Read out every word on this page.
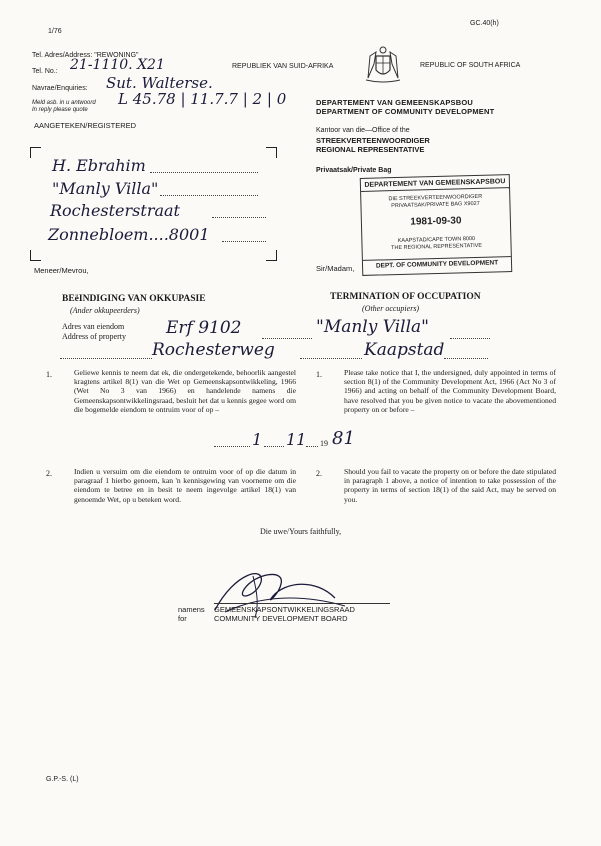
1/76
GC.40(h)
Tel. Adres/Address: "REWONING"
Tel. No.: 21-1110. X21
Navrae/Enquiries: Sut. Walterse.
Meld asb. in u antwoord
In reply please quote
L 45.78 | 11.7.7 | 2 | 0
AANGETEKEN/REGISTERED
REPUBLIEK VAN SUID-AFRIKA	REPUBLIC OF SOUTH AFRICA
DEPARTEMENT VAN GEMEENSKAPSBOU
DEPARTMENT OF COMMUNITY DEVELOPMENT
Kantoor van die—Office of the
STREEKVERTEENWOORDIGER
REGIONAL REPRESENTATIVE
Privaatsak/Private Bag
H. Ebrahim
"Manly Villa"
Rochesterstraat
Zonnebloem....8001
DEPARTEMENT VAN GEMEENSKAPSBOU
DIE STREEKVERTEENWOORDIGER
PRIVAATSAK/PRIVATE BAG X9027
1981-09-30
KAAPSTAD/CAPE TOWN 8000
THE REGIONAL REPRESENTATIVE
DEPT. OF COMMUNITY DEVELOPMENT
Meneer/Mevrou,	Sir/Madam,
BEëINDIGING VAN OKKUPASIE
(Ander okkupeerders)
TERMINATION OF OCCUPATION
(Other occupiers)
Adres van eiendom
Address of property Erf 9102	"Manly Villa"
Rochesterweg	Kaapstad
1.	Geliewe kennis te neem dat ek, die ondergetekende, behoorlik aangestel kragtens artikel 8(1) van die Wet op Gemeenskapsontwikkeling, 1966 (Wet No 3 van 1966) en handelende namens die Gemeenskapsontwikkelingsraad, besluit het dat u kennis gegee word om die bogemelde eiendom te ontruim voor of op –
1.	Please take notice that I, the undersigned, duly appointed in terms of section 8(1) of the Community Development Act, 1966 (Act No 3 of 1966) and acting on behalf of the Community Development Board, have resolved that you be given notice to vacate the abovementioned property on or before –
1 11 19 81
2.	Indien u versuim om die eiendom te ontruim voor of op die datum in paragraaf 1 hierbo genoem, kan 'n kennisgewing van voorneme om die eiendom te betree en in besit te neem ingevolge artikel 18(1) van genoemde Wet, op u beteken word.
2.	Should you fail to vacate the property on or before the date stipulated in paragraph 1 above, a notice of intention to take possession of the property in terms of section 18(1) of the said Act, may be served on you.
Die uwe/Yours faithfully,
namens
for
GEMEENSKAPSONTWIKKELINGSRAAD
COMMUNITY DEVELOPMENT BOARD
G.P.-S. (L)
